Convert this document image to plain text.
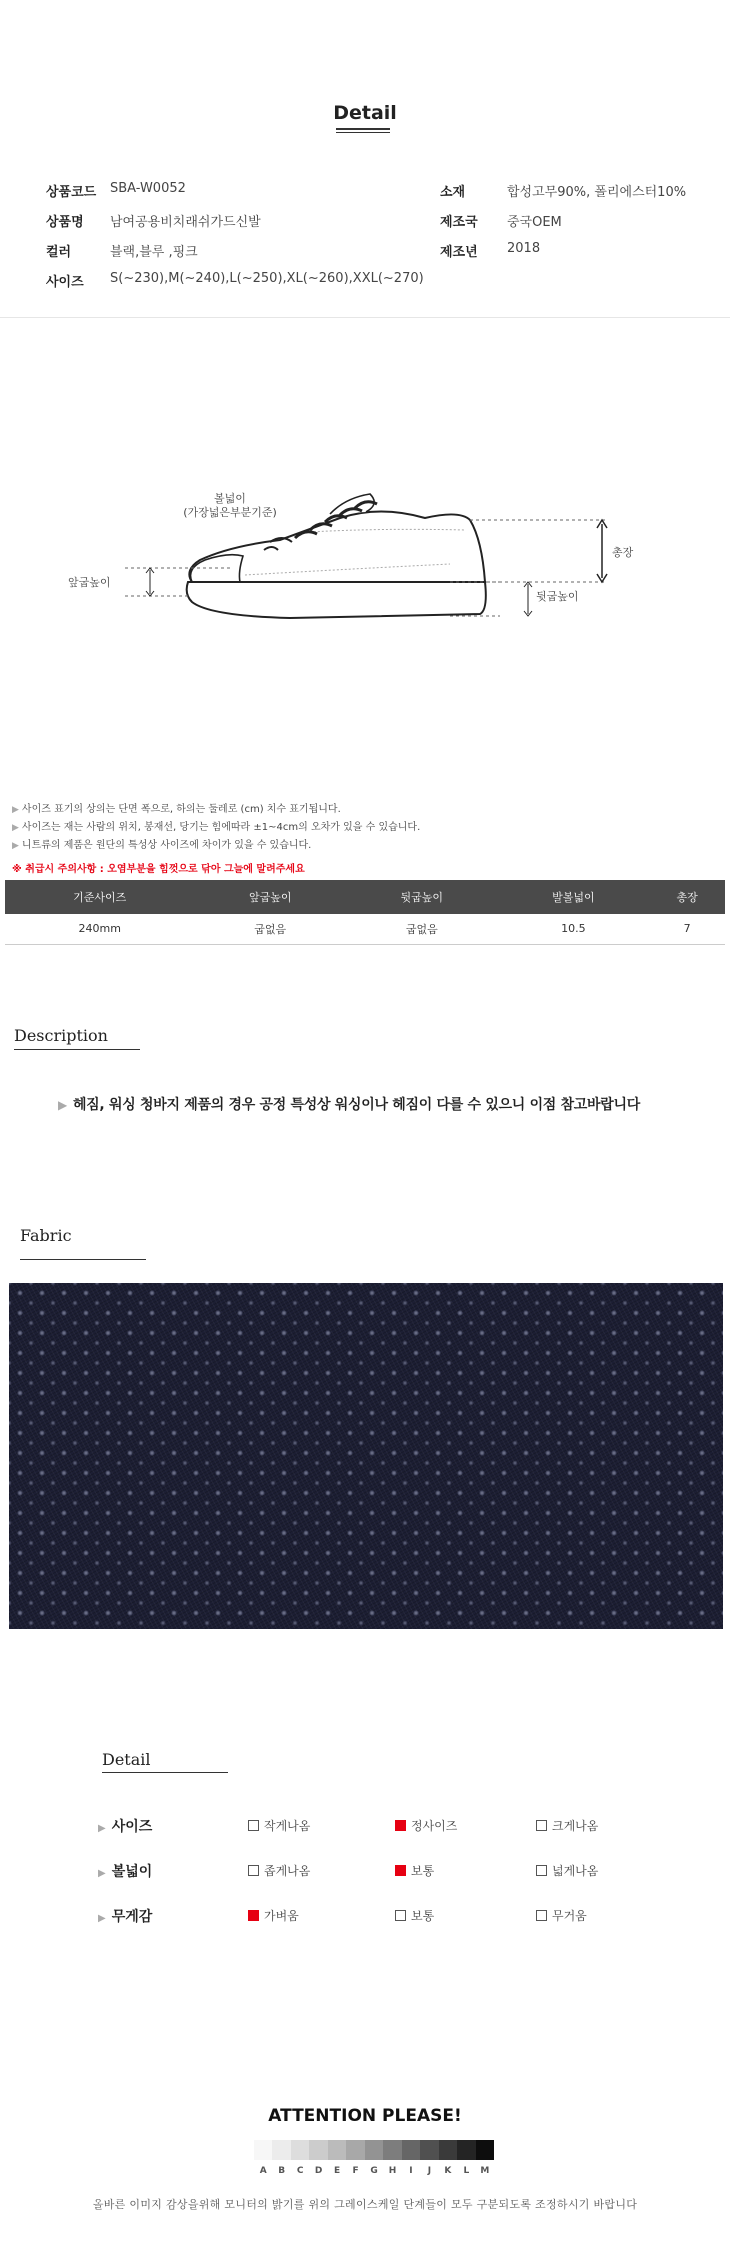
Detail
상품코드 SBA-W0052
상품명 남여공용비치래쉬가드신발
컬러	블랙,블루 ,핑크
사이즈 S(~230),M(~240),L(~250),XL(~260),XXL(~270)
소재	합성고무90%, 폴리에스터10%
제조국 중국OEM
제조년 2018
볼넓이
(가장넓은부분기준)
앞굽높이
뒷굽높이
총장
▶ 사이즈 표기의 상의는 단면 폭으로, 하의는 둘레로 (cm) 치수 표기됩니다.
▶ 사이즈는 재는 사람의 위치, 봉재선, 당기는 힘에따라 ±1~4cm의 오차가 있을 수 있습니다.
▶ 니트류의 제품은 원단의 특성상 사이즈에 차이가 있을 수 있습니다.
※ 취급시 주의사항 : 오염부분을 힘껏으로 닦아 그늘에 말려주세요
기준사이즈	앞굽높이	뒷굽높이	발볼넓이	총장
240mm	굽없음	굽없음	10.5	7
Description
▶ 헤짐, 워싱 청바지 제품의 경우 공정 특성상 워싱이나 헤짐이 다를 수 있으니 이점 참고바랍니다
Fabric
Detail
▶ 사이즈	작게나옴	정사이즈	크게나옴
▶ 볼넓이	좁게나옴	보통	넓게나옴
▶ 무게감	가벼움	보통	무거움
ATTENTION PLEASE!
A	B	C	D	E	F	G	H	I	J	K	L	M
올바른 이미지 감상을위해 모니터의 밝기를 위의 그레이스케일 단계들이 모두 구분되도록 조정하시기 바랍니다
